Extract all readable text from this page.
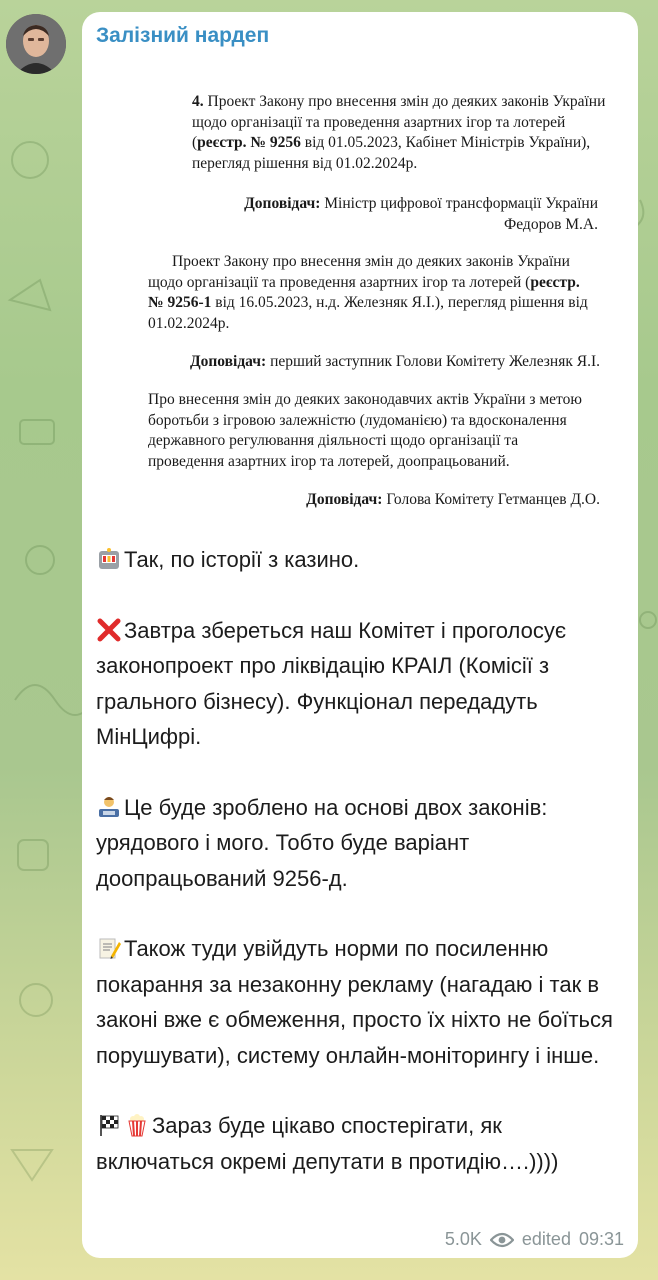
Залізний нардеп

4. Проект Закону про внесення змін до деяких законів України щодо організації та проведення азартних ігор та лотерей (реєстр. № 9256 від 01.05.2023, Кабінет Міністрів України), перегляд рішення від 01.02.2024р.

Доповідач: Міністр цифрової трансформації України Федоров М.А.

Проект Закону про внесення змін до деяких законів України щодо організації та проведення азартних ігор та лотерей (реєстр. № 9256-1 від 16.05.2023, н.д. Железняк Я.І.), перегляд рішення від 01.02.2024р.

Доповідач: перший заступник Голови Комітету Железняк Я.І.

Про внесення змін до деяких законодавчих актів України з метою боротьби з ігровою залежністю (лудоманією) та вдосконалення державного регулювання діяльності щодо організації та проведення азартних ігор та лотерей, доопрацьований.

Доповідач: Голова Комітету Гетманцев Д.О.

Так, по історії з казино.

Завтра збереться наш Комітет і проголосує законопроект про ліквідацію КРАІЛ (Комісії з грального бізнесу). Функціонал передадуть МінЦифрі.

Це буде зроблено на основі двох законів: урядового і мого. Тобто буде варіант доопрацьований 9256-д.

Також туди увійдуть норми по посиленню покарання за незаконну рекламу (нагадаю і так в законі вже є обмеження, просто їх ніхто не боїться порушувати), систему онлайн-моніторингу і інше.

Зараз буде цікаво спостерігати, як включаться окремі депутати в протидію….))))

5.0K edited 09:31
